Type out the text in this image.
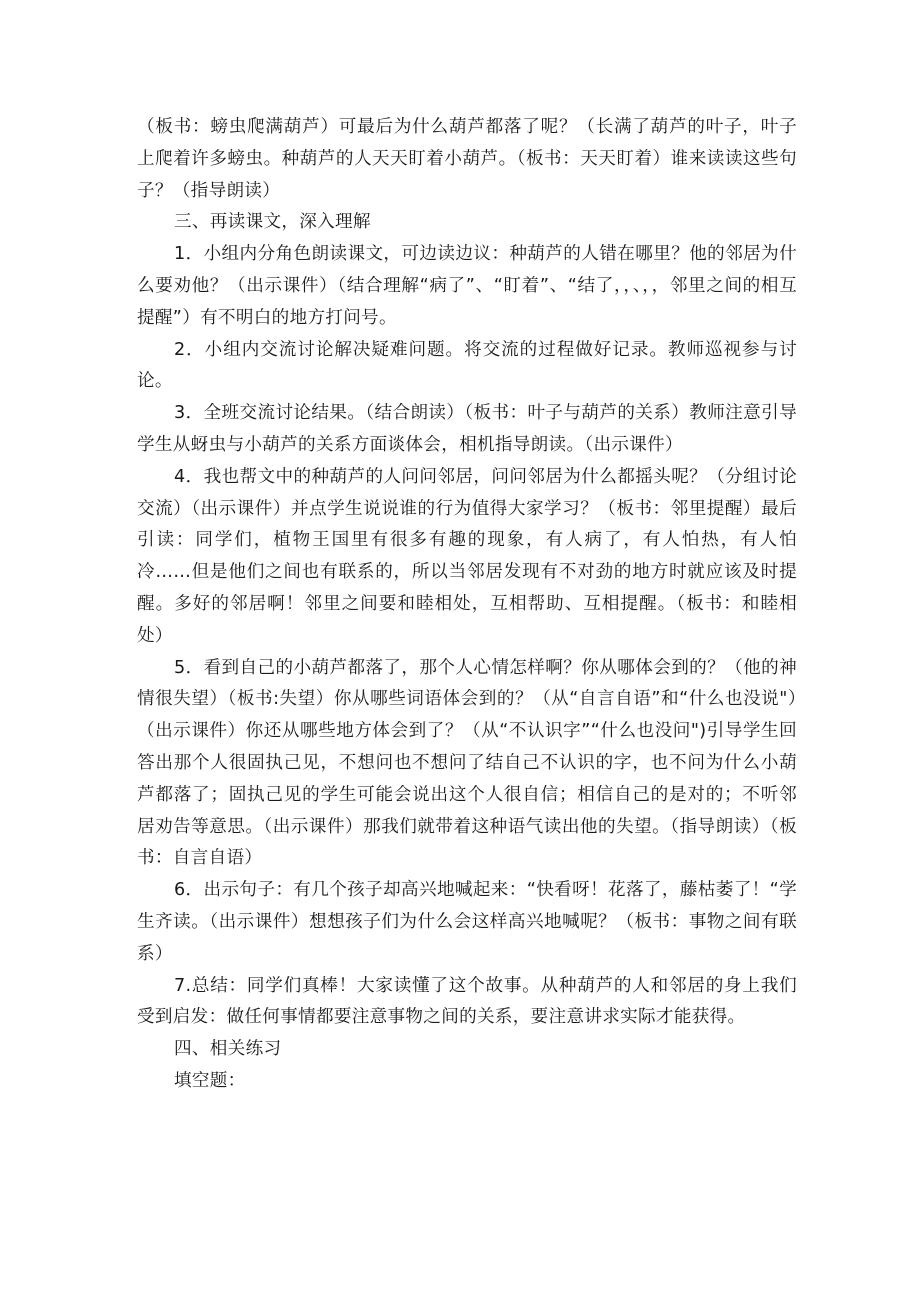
（板书：螃虫爬满葫芦）可最后为什么葫芦都落了呢？（长满了葫芦的叶子，叶子上爬着许多螃虫。种葫芦的人天天盯着小葫芦。（板书：天天盯着）谁来读读这些句子？（指导朗读）

三、再读课文，深入理解

1．小组内分角色朗读课文，可边读边议：种葫芦的人错在哪里？他的邻居为什么要劝他？（出示课件）（结合理解“病了”、“盯着”、“结了，，、，，邻里之间的相互提醒”）有不明白的地方打问号。

2．小组内交流讨论解决疑难问题。将交流的过程做好记录。教师巡视参与讨论。

3．全班交流讨论结果。（结合朗读）（板书：叶子与葫芦的关系）教师注意引导学生从蚜虫与小葫芦的关系方面谈体会，相机指导朗读。（出示课件）

4．我也帮文中的种葫芦的人问问邻居，问问邻居为什么都摇头呢？（分组讨论交流）（出示课件）并点学生说说谁的行为值得大家学习？（板书：邻里提醒）最后引读：同学们，植物王国里有很多有趣的现象，有人病了，有人怕热，有人怕冷……但是他们之间也有联系的，所以当邻居发现有不对劲的地方时就应该及时提醒。多好的邻居啊！邻里之间要和睦相处，互相帮助、互相提醒。（板书：和睦相处）

5．看到自己的小葫芦都落了，那个人心情怎样啊？你从哪体会到的？（他的神情很失望）（板书:失望）你从哪些词语体会到的？（从“自言自语”和“什么也没说"）（出示课件）你还从哪些地方体会到了？（从“不认识字”“什么也没问")引导学生回答出那个人很固执己见，不想问也不想问了结自己不认识的字，也不问为什么小葫芦都落了；固执己见的学生可能会说出这个人很自信；相信自己的是对的；不听邻居劝告等意思。（出示课件）那我们就带着这种语气读出他的失望。（指导朗读）（板书：自言自语）

6．出示句子：有几个孩子却高兴地喊起来：“快看呀！花落了，藤枯萎了！“学生齐读。（出示课件）想想孩子们为什么会这样高兴地喊呢？（板书：事物之间有联系）

7.总结：同学们真棒！大家读懂了这个故事。从种葫芦的人和邻居的身上我们受到启发：做任何事情都要注意事物之间的关系，要注意讲求实际才能获得。

四、相关练习

填空题：
